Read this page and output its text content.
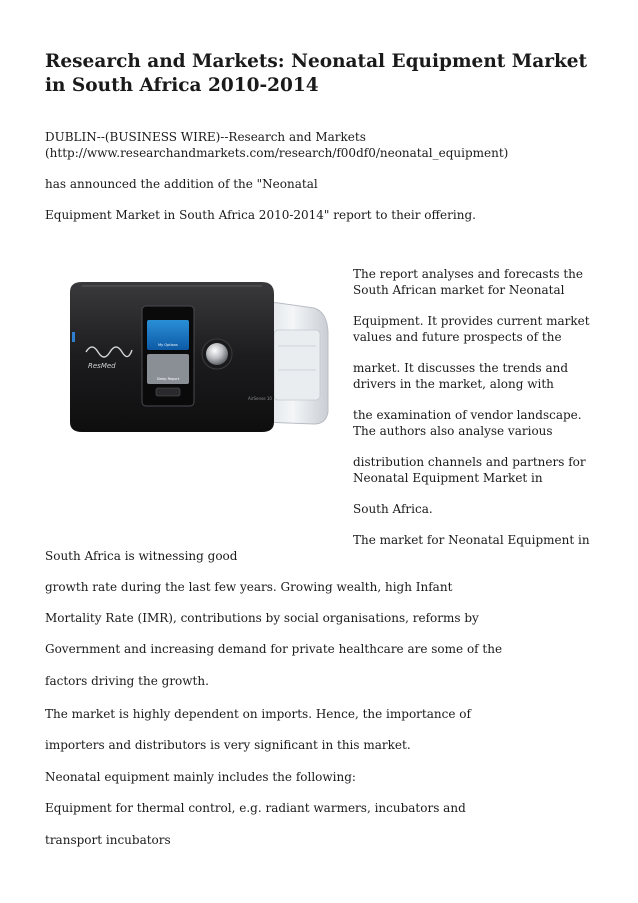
Research and Markets: Neonatal Equipment Market in South Africa 2010-2014

DUBLIN--(BUSINESS WIRE)--Research and Markets

(http://www.researchandmarkets.com/research/f00df0/neonatal_equipment)

has announced the addition of the "Neonatal

Equipment Market in South Africa 2010-2014" report to their offering.

ResMed
My Options
Sleep Report
AirSense 10

The report analyses and forecasts the South African market for Neonatal

Equipment. It provides current market values and future prospects of the

market. It discusses the trends and drivers in the market, along with

the examination of vendor landscape. The authors also analyse various

distribution channels and partners for Neonatal Equipment Market in

South Africa.

The market for Neonatal Equipment in

South Africa is witnessing good

growth rate during the last few years. Growing wealth, high Infant

Mortality Rate (IMR), contributions by social organisations, reforms by

Government and increasing demand for private healthcare are some of the

factors driving the growth.

The market is highly dependent on imports. Hence, the importance of

importers and distributors is very significant in this market.

Neonatal equipment mainly includes the following:

Equipment for thermal control, e.g. radiant warmers, incubators and

transport incubators
